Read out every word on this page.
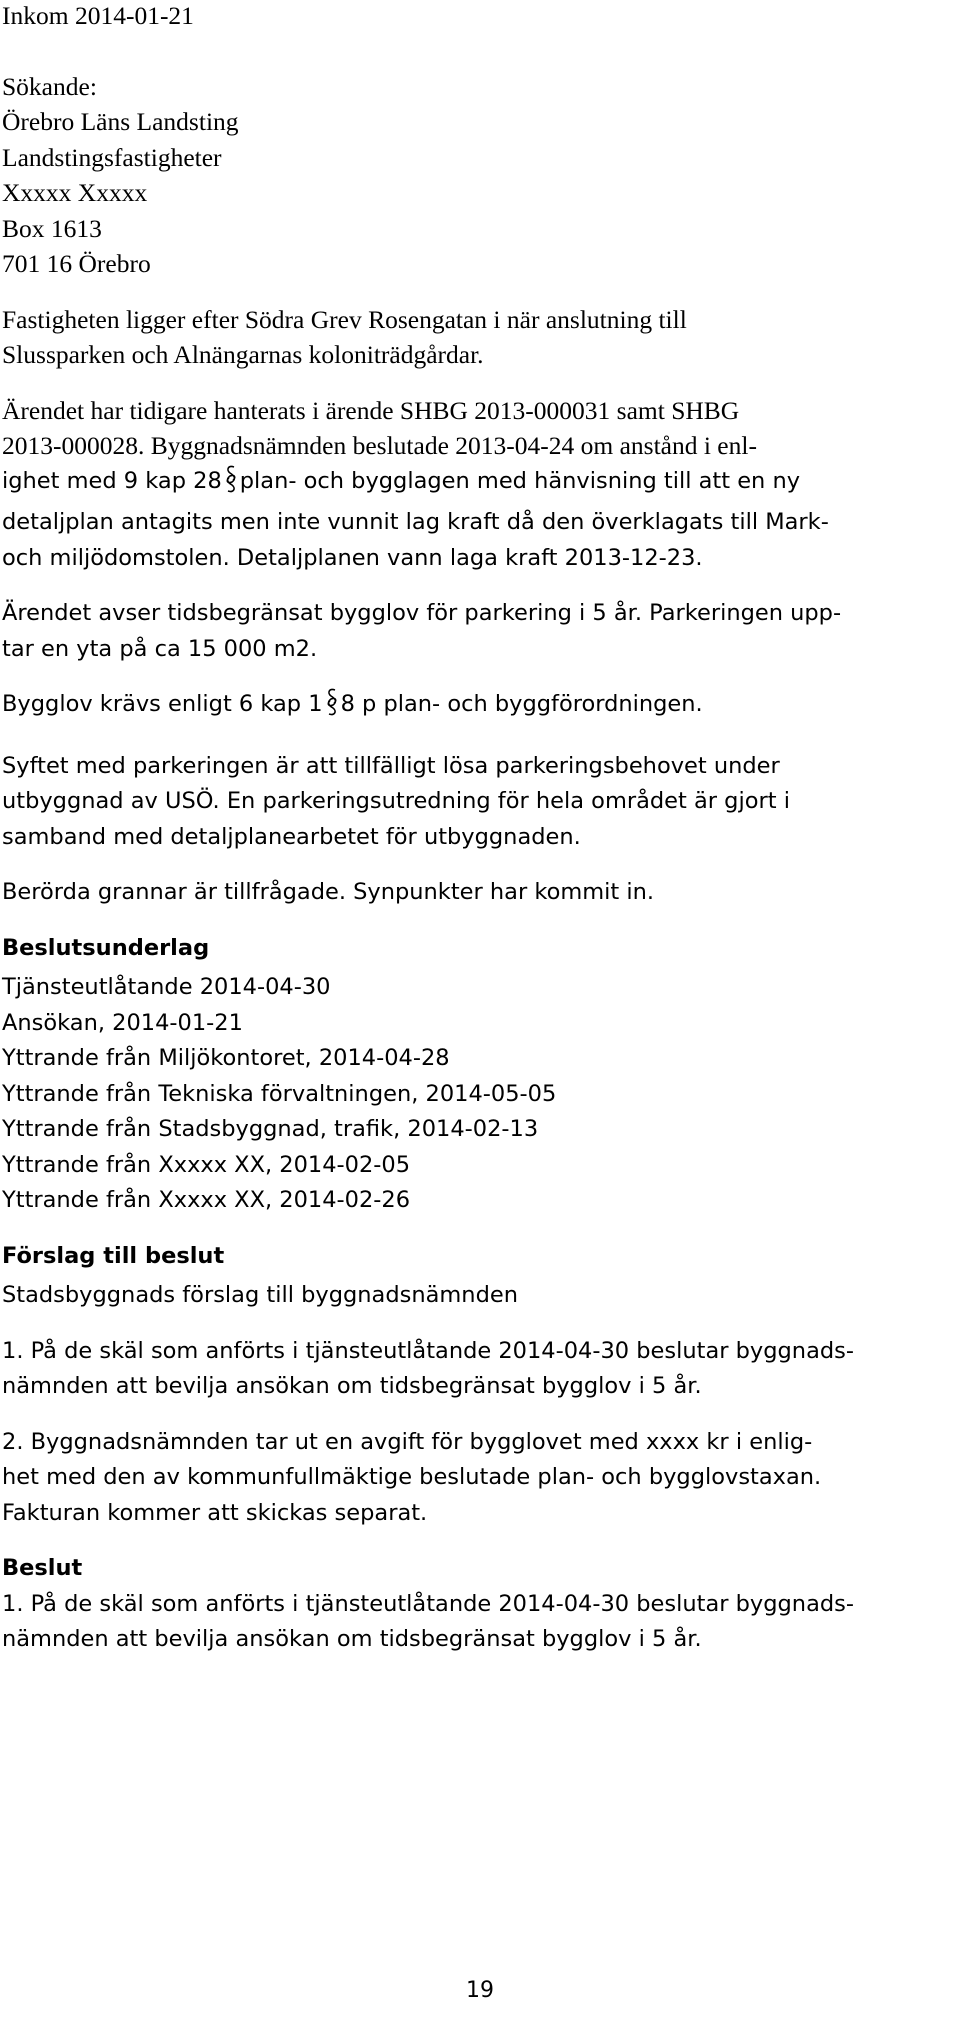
Inkom 2014-01-21
Sökande:
Örebro Läns Landsting
Landstingsfastigheter
Xxxxx Xxxxx
Box 1613
701 16 Örebro
Fastigheten ligger efter Södra Grev Rosengatan i när anslutning till
Slussparken och Alnängarnas koloniträdgårdar.
Ärendet har tidigare hanterats i ärende SHBG 2013-000031 samt SHBG
2013-000028. Byggnadsnämnden beslutade 2013-04-24 om anstånd i enl-
ighet med 9 kap 28 plan- och bygglagen med hänvisning till att en ny
detaljplan antagits men inte vunnit lag kraft då den överklagats till Mark-
och miljödomstolen. Detaljplanen vann laga kraft 2013-12-23.
Ärendet avser tidsbegränsat bygglov för parkering i 5 år. Parkeringen upp-
tar en yta på ca 15 000 m2.
Bygglov krävs enligt 6 kap 1 8 p plan- och byggförordningen.
Syftet med parkeringen är att tillfälligt lösa parkeringsbehovet under
utbyggnad av USÖ. En parkeringsutredning för hela området är gjort i
samband med detaljplanearbetet för utbyggnaden.
Berörda grannar är tillfrågade. Synpunkter har kommit in.
Beslutsunderlag
Tjänsteutlåtande 2014-04-30
Ansökan, 2014-01-21
Yttrande från Miljökontoret, 2014-04-28
Yttrande från Tekniska förvaltningen, 2014-05-05
Yttrande från Stadsbyggnad, trafik, 2014-02-13
Yttrande från Xxxxx XX, 2014-02-05
Yttrande från Xxxxx XX, 2014-02-26
Förslag till beslut
Stadsbyggnads förslag till byggnadsnämnden
1. På de skäl som anförts i tjänsteutlåtande 2014-04-30 beslutar byggnads-
nämnden att bevilja ansökan om tidsbegränsat bygglov i 5 år.
2. Byggnadsnämnden tar ut en avgift för bygglovet med xxxx kr i enlig-
het med den av kommunfullmäktige beslutade plan- och bygglovstaxan.
Fakturan kommer att skickas separat.
Beslut
1. På de skäl som anförts i tjänsteutlåtande 2014-04-30 beslutar byggnads-
nämnden att bevilja ansökan om tidsbegränsat bygglov i 5 år.
19
